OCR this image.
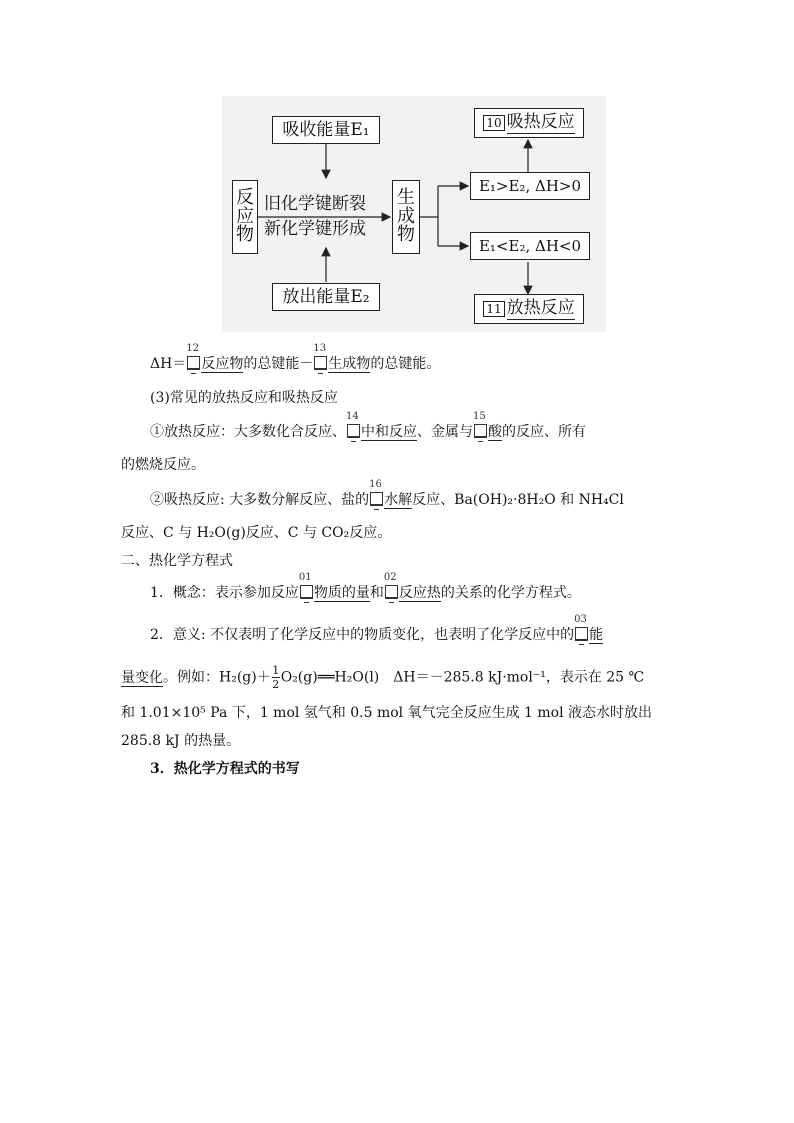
吸收能量E₁
放出能量E₂
反
应
物
生
成
物
旧化学键断裂
新化学键形成
E₁>E₂, ΔH>0
E₁<E₂, ΔH<0
10 吸热反应
11 放热反应
ΔH＝
12
反应物的总键能－
13
生成物的总键能。
(3)常见的放热反应和吸热反应
①放热反应：大多数化合反应、
14
中和反应、金属与
15
酸的反应、所有
的燃烧反应。
②吸热反应: 大多数分解反应、盐的
16
水解反应、Ba(OH)₂·8H₂O 和 NH₄Cl
反应、C 与 H₂O(g)反应、C 与 CO₂反应。
二、热化学方程式
1．概念：表示参加反应
01
物质的量和
02
反应热的关系的化学方程式。
2．意义: 不仅表明了化学反应中的物质变化，也表明了化学反应中的
03
能
量变化。例如：$H_2(g)+ \frac{1}{2}$ O₂(g)══H₂O(l)　ΔH＝－285.8 kJ·mol⁻¹，表示在 25 ℃
和 1.01×10⁵ Pa 下，1 mol 氢气和 0.5 mol 氧气完全反应生成 1 mol 液态水时放出
285.8 kJ 的热量。
3．热化学方程式的书写
